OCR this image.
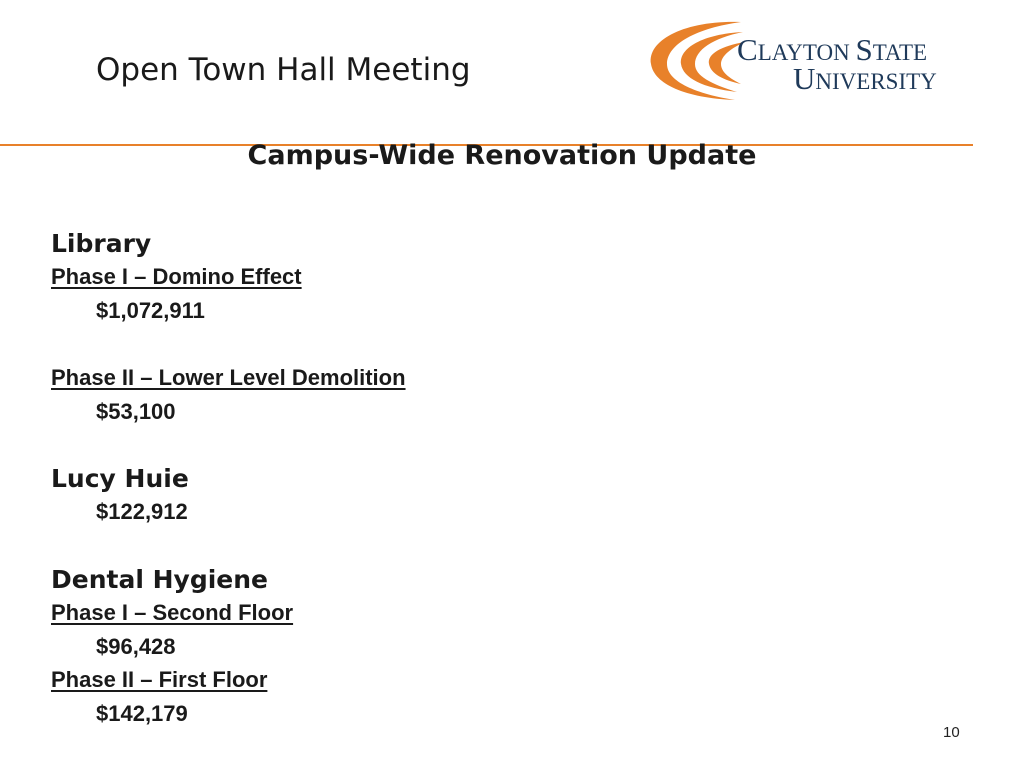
Open Town Hall Meeting
CLAYTON STATE
UNIVERSITY
Campus-Wide Renovation Update
Library
Phase I – Domino Effect
$1,072,911
Phase II – Lower Level Demolition
$53,100
Lucy Huie
$122,912
Dental Hygiene
Phase I – Second Floor
$96,428
Phase II – First Floor
$142,179
10
